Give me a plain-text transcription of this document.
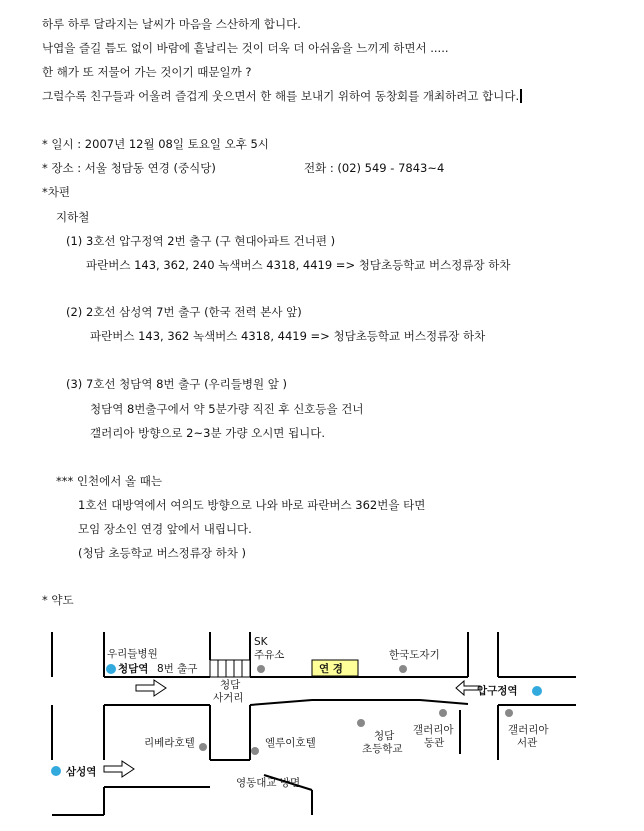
하루 하루 달라지는 날씨가 마음을 스산하게 합니다.
낙엽을 즐길 틈도 없이 바람에 흩날리는 것이 더욱 더 아쉬움을 느끼게 하면서 .....
한 해가 또 저물어 가는 것이기 때문일까 ?
그럴수록 친구들과 어울려 즐겁게 웃으면서 한 해를 보내기 위하여 동창회를 개최하려고 합니다.
* 일시 : 2007년 12월 08일 토요일 오후 5시
* 장소 : 서울 청담동 연경 (중식당)	전화 : (02) 549 - 7843~4
*차편
지하철
(1) 3호선 압구정역 2번 출구 (구 현대아파트 건너편 )
파란버스 143, 362, 240 녹색버스 4318, 4419 => 청담초등학교 버스정류장 하차
(2) 2호선 삼성역 7번 출구 (한국 전력 본사 앞)
파란버스 143, 362 녹색버스 4318, 4419 => 청담초등학교 버스정류장 하차
(3) 7호선 청담역 8번 출구 (우리들병원 앞 )
청담역 8번출구에서 약 5분가량 직진 후 신호등을 건너
갤러리아 방향으로 2~3분 가량 오시면 됩니다.
*** 인천에서 올 때는
1호선 대방역에서 여의도 방향으로 나와 바로 파란버스 362번을 타면
모임 장소인 연경 앞에서 내립니다.
(청담 초등학교 버스정류장 하차 )
* 약도
우리들병원
청담역 8번 출구
SK
주유소
연 경
한국도자기
압구정역
청담
사거리
리베라호텔	엘루이호텔
청담
초등학교
갤러리아
동관
갤러리아
서관
삼성역
영동대교 방면
